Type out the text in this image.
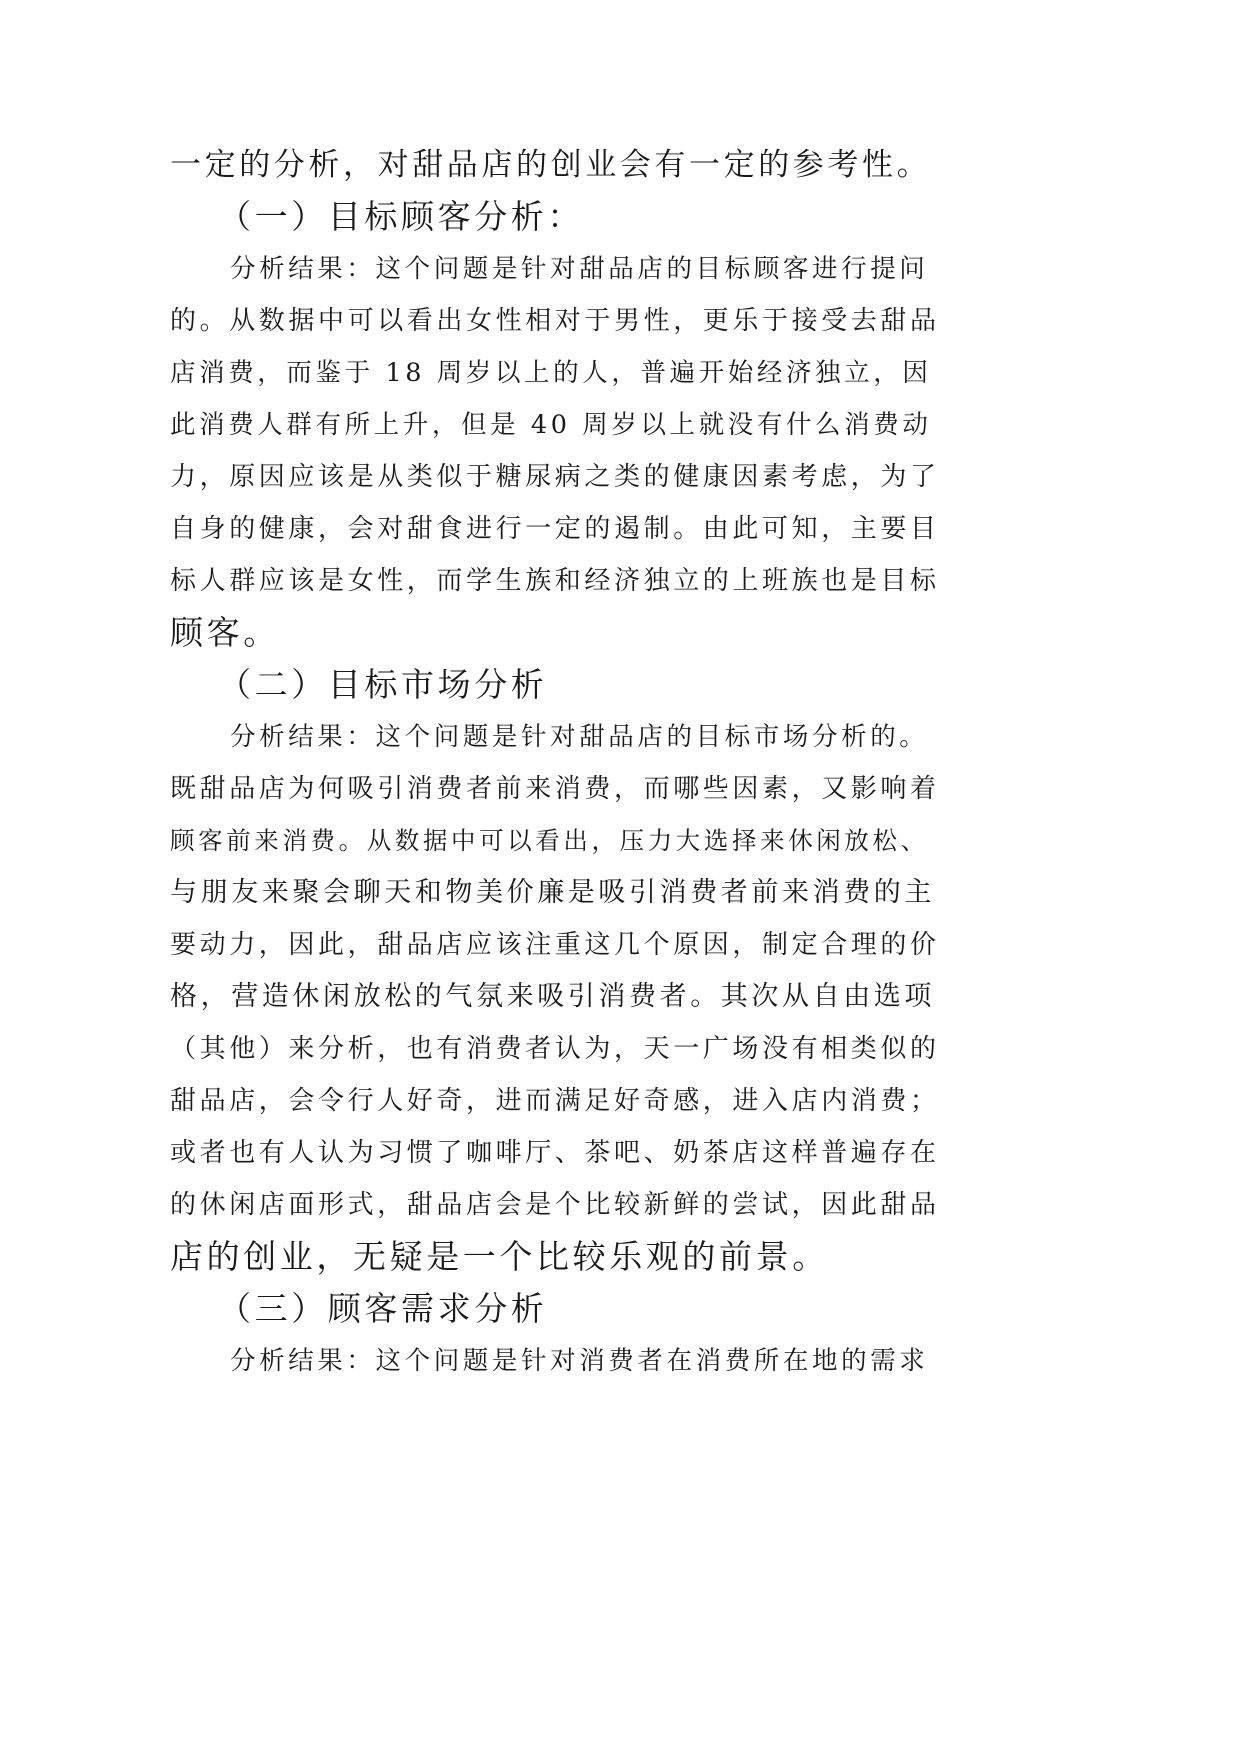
一定的分析，对甜品店的创业会有一定的参考性。
（一）目标顾客分析：
分析结果：这个问题是针对甜品店的目标顾客进行提问
的。从数据中可以看出女性相对于男性，更乐于接受去甜品
店消费，而鉴于 18 周岁以上的人，普遍开始经济独立，因
此消费人群有所上升，但是 40 周岁以上就没有什么消费动
力，原因应该是从类似于糖尿病之类的健康因素考虑，为了
自身的健康，会对甜食进行一定的遏制。由此可知，主要目
标人群应该是女性，而学生族和经济独立的上班族也是目标
顾客。
（二）目标市场分析
分析结果：这个问题是针对甜品店的目标市场分析的。
既甜品店为何吸引消费者前来消费，而哪些因素，又影响着
顾客前来消费。从数据中可以看出，压力大选择来休闲放松、
与朋友来聚会聊天和物美价廉是吸引消费者前来消费的主
要动力，因此，甜品店应该注重这几个原因，制定合理的价
格，营造休闲放松的气氛来吸引消费者。其次从自由选项
（其他）来分析，也有消费者认为，天一广场没有相类似的
甜品店，会令行人好奇，进而满足好奇感，进入店内消费；
或者也有人认为习惯了咖啡厅、茶吧、奶茶店这样普遍存在
的休闲店面形式，甜品店会是个比较新鲜的尝试，因此甜品
店的创业，无疑是一个比较乐观的前景。
（三）顾客需求分析
分析结果：这个问题是针对消费者在消费所在地的需求
